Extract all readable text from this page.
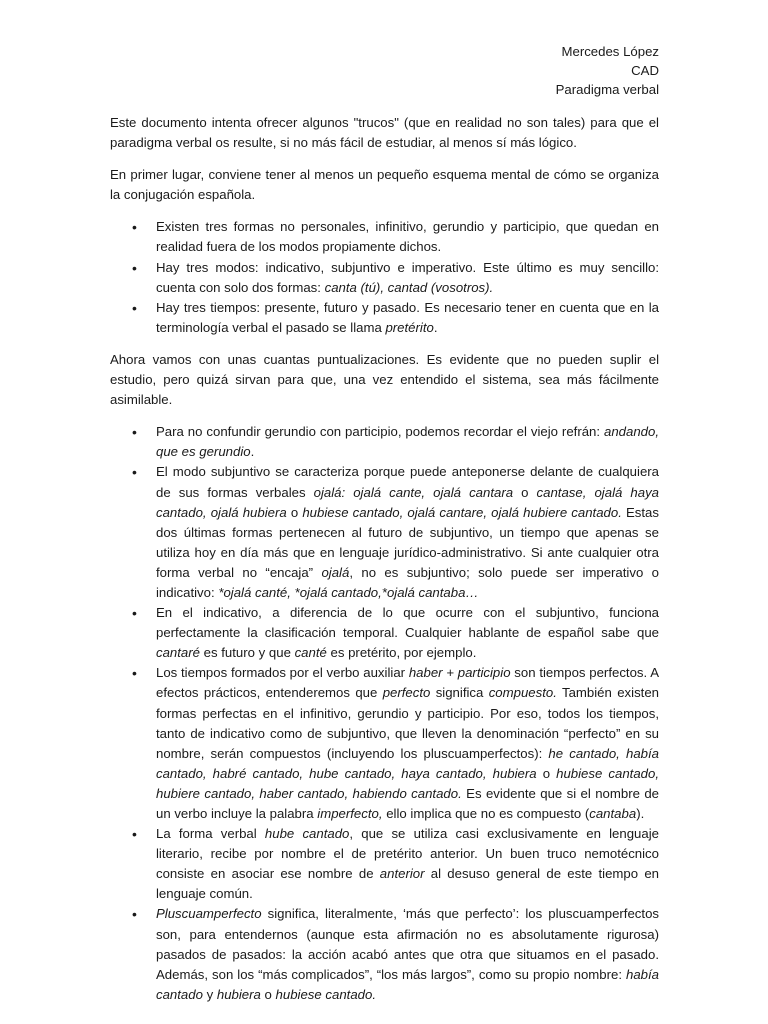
Mercedes López
CAD
Paradigma verbal

Este documento intenta ofrecer algunos "trucos" (que en realidad no son tales) para que el paradigma verbal os resulte, si no más fácil de estudiar, al menos sí más lógico.

En primer lugar, conviene tener al menos un pequeño esquema mental de cómo se organiza la conjugación española.

• Existen tres formas no personales, infinitivo, gerundio y participio, que quedan en realidad fuera de los modos propiamente dichos.
• Hay tres modos: indicativo, subjuntivo e imperativo. Este último es muy sencillo: cuenta con solo dos formas: canta (tú), cantad (vosotros).
• Hay tres tiempos: presente, futuro y pasado. Es necesario tener en cuenta que en la terminología verbal el pasado se llama pretérito.

Ahora vamos con unas cuantas puntualizaciones. Es evidente que no pueden suplir el estudio, pero quizá sirvan para que, una vez entendido el sistema, sea más fácilmente asimilable.

• Para no confundir gerundio con participio, podemos recordar el viejo refrán: andando, que es gerundio.
• El modo subjuntivo se caracteriza porque puede anteponerse delante de cualquiera de sus formas verbales ojalá: ojalá cante, ojalá cantara o cantase, ojalá haya cantado, ojalá hubiera o hubiese cantado, ojalá cantare, ojalá hubiere cantado. Estas dos últimas formas pertenecen al futuro de subjuntivo, un tiempo que apenas se utiliza hoy en día más que en lenguaje jurídico-administrativo. Si ante cualquier otra forma verbal no “encaja” ojalá, no es subjuntivo; solo puede ser imperativo o indicativo: *ojalá canté, *ojalá cantado,*ojalá cantaba…
• En el indicativo, a diferencia de lo que ocurre con el subjuntivo, funciona perfectamente la clasificación temporal. Cualquier hablante de español sabe que cantaré es futuro y que canté es pretérito, por ejemplo.
• Los tiempos formados por el verbo auxiliar haber + participio son tiempos perfectos. A efectos prácticos, entenderemos que perfecto significa compuesto. También existen formas perfectas en el infinitivo, gerundio y participio. Por eso, todos los tiempos, tanto de indicativo como de subjuntivo, que lleven la denominación “perfecto” en su nombre, serán compuestos (incluyendo los pluscuamperfectos): he cantado, había cantado, habré cantado, hube cantado, haya cantado, hubiera o hubiese cantado, hubiere cantado, haber cantado, habiendo cantado. Es evidente que si el nombre de un verbo incluye la palabra imperfecto, ello implica que no es compuesto (cantaba).
• La forma verbal hube cantado, que se utiliza casi exclusivamente en lenguaje literario, recibe por nombre el de pretérito anterior. Un buen truco nemotécnico consiste en asociar ese nombre de anterior al desuso general de este tiempo en lenguaje común.
• Pluscuamperfecto significa, literalmente, ‘más que perfecto’: los pluscuamperfectos son, para entendernos (aunque esta afirmación no es absolutamente rigurosa) pasados de pasados: la acción acabó antes que otra que situamos en el pasado. Además, son los “más complicados”, “los más largos”, como su propio nombre: había cantado y hubiera o hubiese cantado.
